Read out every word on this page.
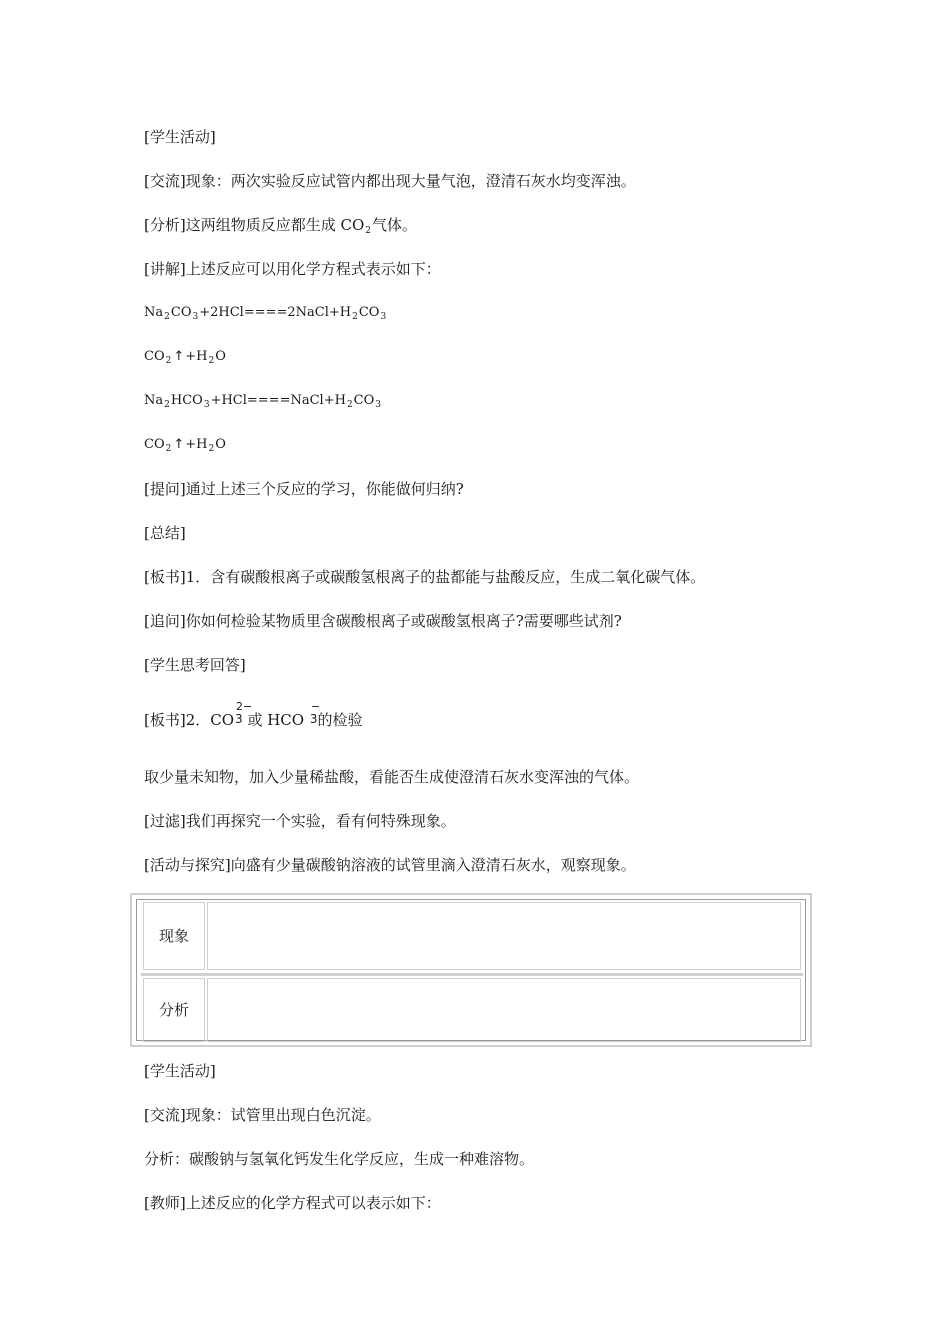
[学生活动]
[交流]现象：两次实验反应试管内都出现大量气泡，澄清石灰水均变浑浊。
[分析]这两组物质反应都生成 $CO_2$气体。
[讲解]上述反应可以用化学方程式表示如下：
$Na_2CO_3+2HCl====2NaCl+H_2CO_3$
$CO_2$ $↑+H_2O$
$Na_2HCO_3+HCl====NaCl+H_2CO_3$
$CO_2$ $↑+H_2O$
[提问]通过上述三个反应的学习，你能做何归纳?
[总结]
[板书]1．含有碳酸根离子或碳酸氢根离子的盐都能与盐酸反应，生成二氧化碳气体。
[追问]你如何检验某物质里含碳酸根离子或碳酸氢根离子?需要哪些试剂?
[学生思考回答]
[板书]2．CO
2−
3 或 HCO
−
3的检验
取少量未知物，加入少量稀盐酸，看能否生成使澄清石灰水变浑浊的气体。
[过滤]我们再探究一个实验，看有何特殊现象。
[活动与探究]向盛有少量碳酸钠溶液的试管里滴入澄清石灰水，观察现象。
现象
分析
[学生活动]
[交流]现象：试管里出现白色沉淀。
分析：碳酸钠与氢氧化钙发生化学反应，生成一种难溶物。
[教师]上述反应的化学方程式可以表示如下：
